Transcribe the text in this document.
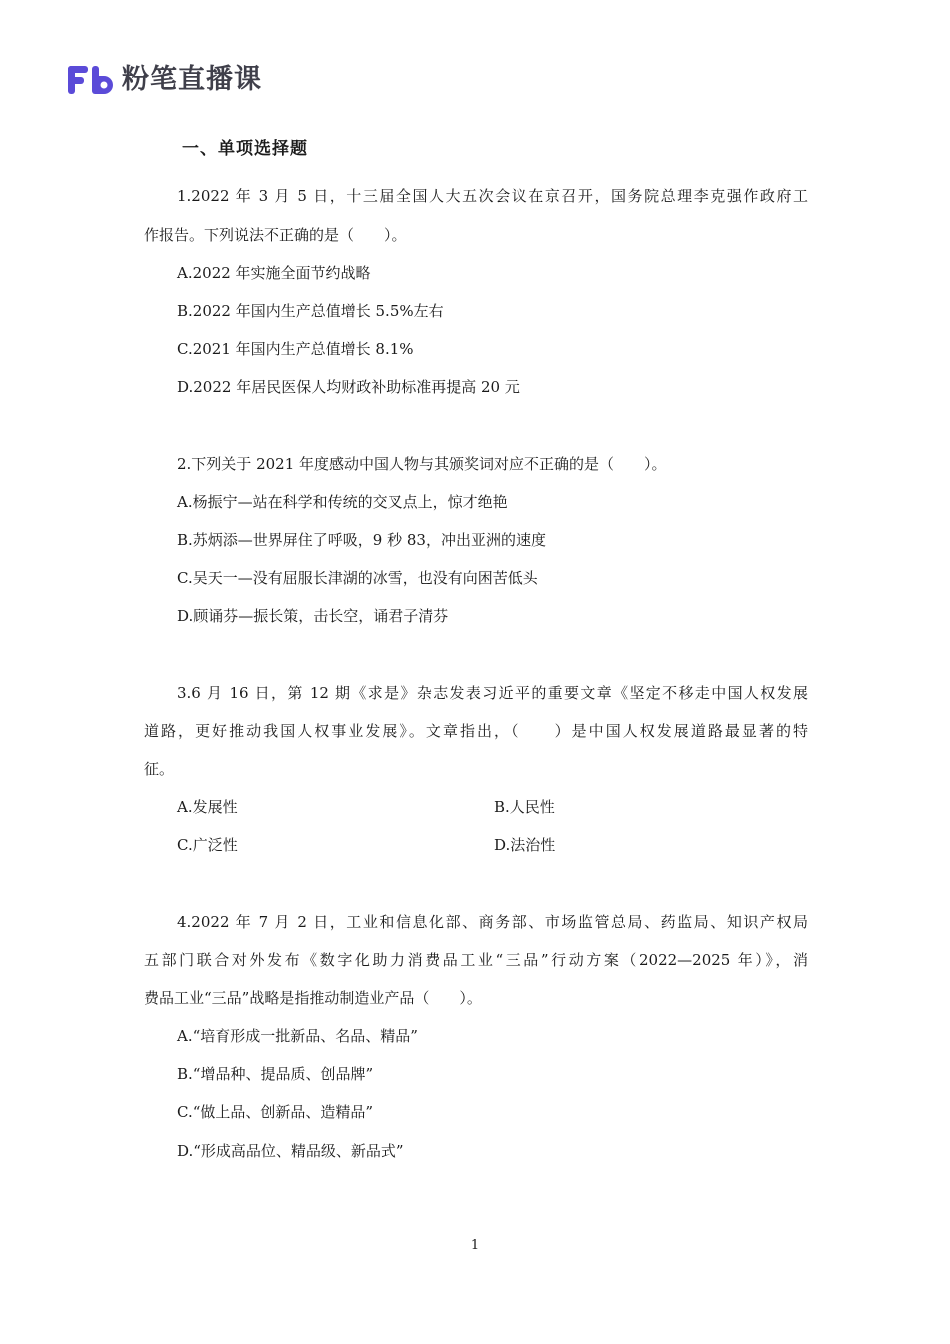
粉笔直播课
一、单项选择题
1.2022 年 3 月 5 日，十三届全国人大五次会议在京召开，国务院总理李克强作政府工
作报告。下列说法不正确的是（　　）。
A.2022 年实施全面节约战略
B.2022 年国内生产总值增长 5.5%左右
C.2021 年国内生产总值增长 8.1%
D.2022 年居民医保人均财政补助标准再提高 20 元
2.下列关于 2021 年度感动中国人物与其颁奖词对应不正确的是（　　）。
A.杨振宁—站在科学和传统的交叉点上，惊才绝艳
B.苏炳添—世界屏住了呼吸，9 秒 83，冲出亚洲的速度
C.吴天一—没有屈服长津湖的冰雪，也没有向困苦低头
D.顾诵芬—振长策，击长空，诵君子清芬
3.6 月 16 日，第 12 期《求是》杂志发表习近平的重要文章《坚定不移走中国人权发展
道路，更好推动我国人权事业发展》。文章指出，（　　）是中国人权发展道路最显著的特
征。
A.发展性	B.人民性
C.广泛性	D.法治性
4.2022 年 7 月 2 日，工业和信息化部、商务部、市场监管总局、药监局、知识产权局
五部门联合对外发布《数字化助力消费品工业“三品”行动方案（2022—2025 年）》，消
费品工业“三品”战略是指推动制造业产品（　　）。
A.“培育形成一批新品、名品、精品”
B.“增品种、提品质、创品牌”
C.“做上品、创新品、造精品”
D.“形成高品位、精品级、新品式”
1
